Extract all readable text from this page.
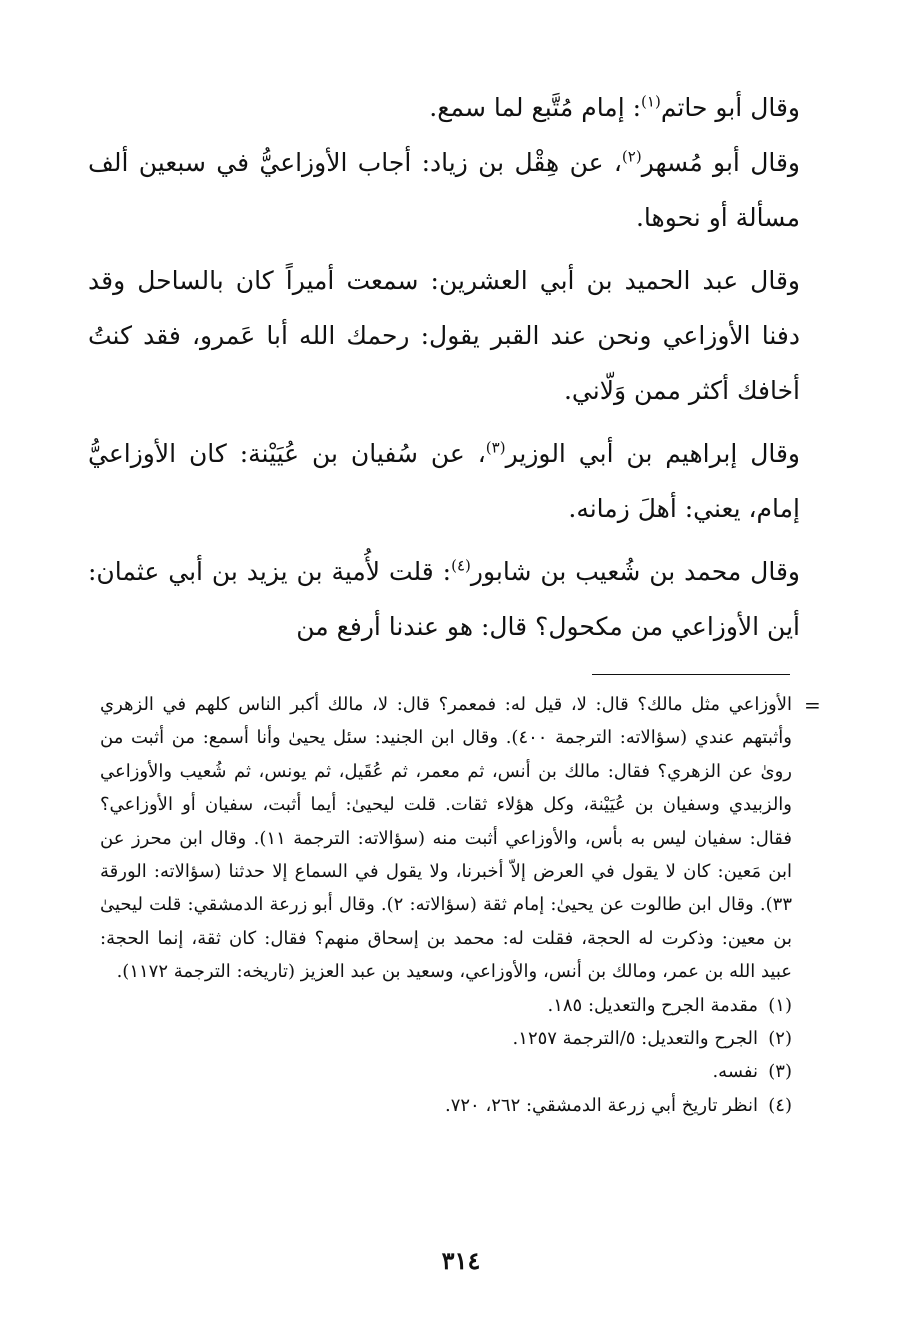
وقال أبو حاتم$^{(١)}$: إمام مُتَّبع لما سمع.

وقال أبو مُسهر$^{(٢)}$، عن هِقْل بن زياد: أجاب الأوزاعيُّ في سبعين ألف مسألة أو نحوها.

وقال عبد الحميد بن أبي العشرين: سمعت أميراً كان بالساحل وقد دفنا الأوزاعي ونحن عند القبر يقول: رحمك الله أبا عَمرو، فقد كنتُ أخافك أكثر ممن وَلّاني.

وقال إبراهيم بن أبي الوزير$^{(٣)}$، عن سُفيان بن عُيَيْنة: كان الأوزاعيُّ إمام، يعني: أهلَ زمانه.

وقال محمد بن شُعيب بن شابور$^{(٤)}$: قلت لأُمية بن يزيد بن أبي عثمان: أين الأوزاعي من مكحول؟ قال: هو عندنا أرفع من

=

الأوزاعي مثل مالك؟ قال: لا، قيل له: فمعمر؟ قال: لا، مالك أكبر الناس كلهم في الزهري وأثبتهم عندي (سؤالاته: الترجمة ٤٠٠). وقال ابن الجنيد: سئل يحيىٰ وأنا أسمع: من أثبت من روىٰ عن الزهري؟ فقال: مالك بن أنس، ثم معمر، ثم عُقَيل، ثم يونس، ثم شُعيب والأوزاعي والزبيدي وسفيان بن عُيَيْنة، وكل هؤلاء ثقات. قلت ليحيىٰ: أيما أثبت، سفيان أو الأوزاعي؟ فقال: سفيان ليس به بأس، والأوزاعي أثبت منه (سؤالاته: الترجمة ١١). وقال ابن محرز عن ابن مَعين: كان لا يقول في العرض إلاّ أخبرنا، ولا يقول في السماع إلا حدثنا (سؤالاته: الورقة ٣٣). وقال ابن طالوت عن يحيىٰ: إمام ثقة (سؤالاته: ٢). وقال أبو زرعة الدمشقي: قلت ليحيىٰ بن معين: وذكرت له الحجة، فقلت له: محمد بن إسحاق منهم؟ فقال: كان ثقة، إنما الحجة: عبيد الله بن عمر، ومالك بن أنس، والأوزاعي، وسعيد بن عبد العزيز (تاريخه: الترجمة ١١٧٢).

(١)
مقدمة الجرح والتعديل: ١٨٥.
(٢)
الجرح والتعديل: ٥/الترجمة ١٢٥٧.
(٣)
نفسه.
(٤)
انظر تاريخ أبي زرعة الدمشقي: ٢٦٢، ٧٢٠.
٣١٤
